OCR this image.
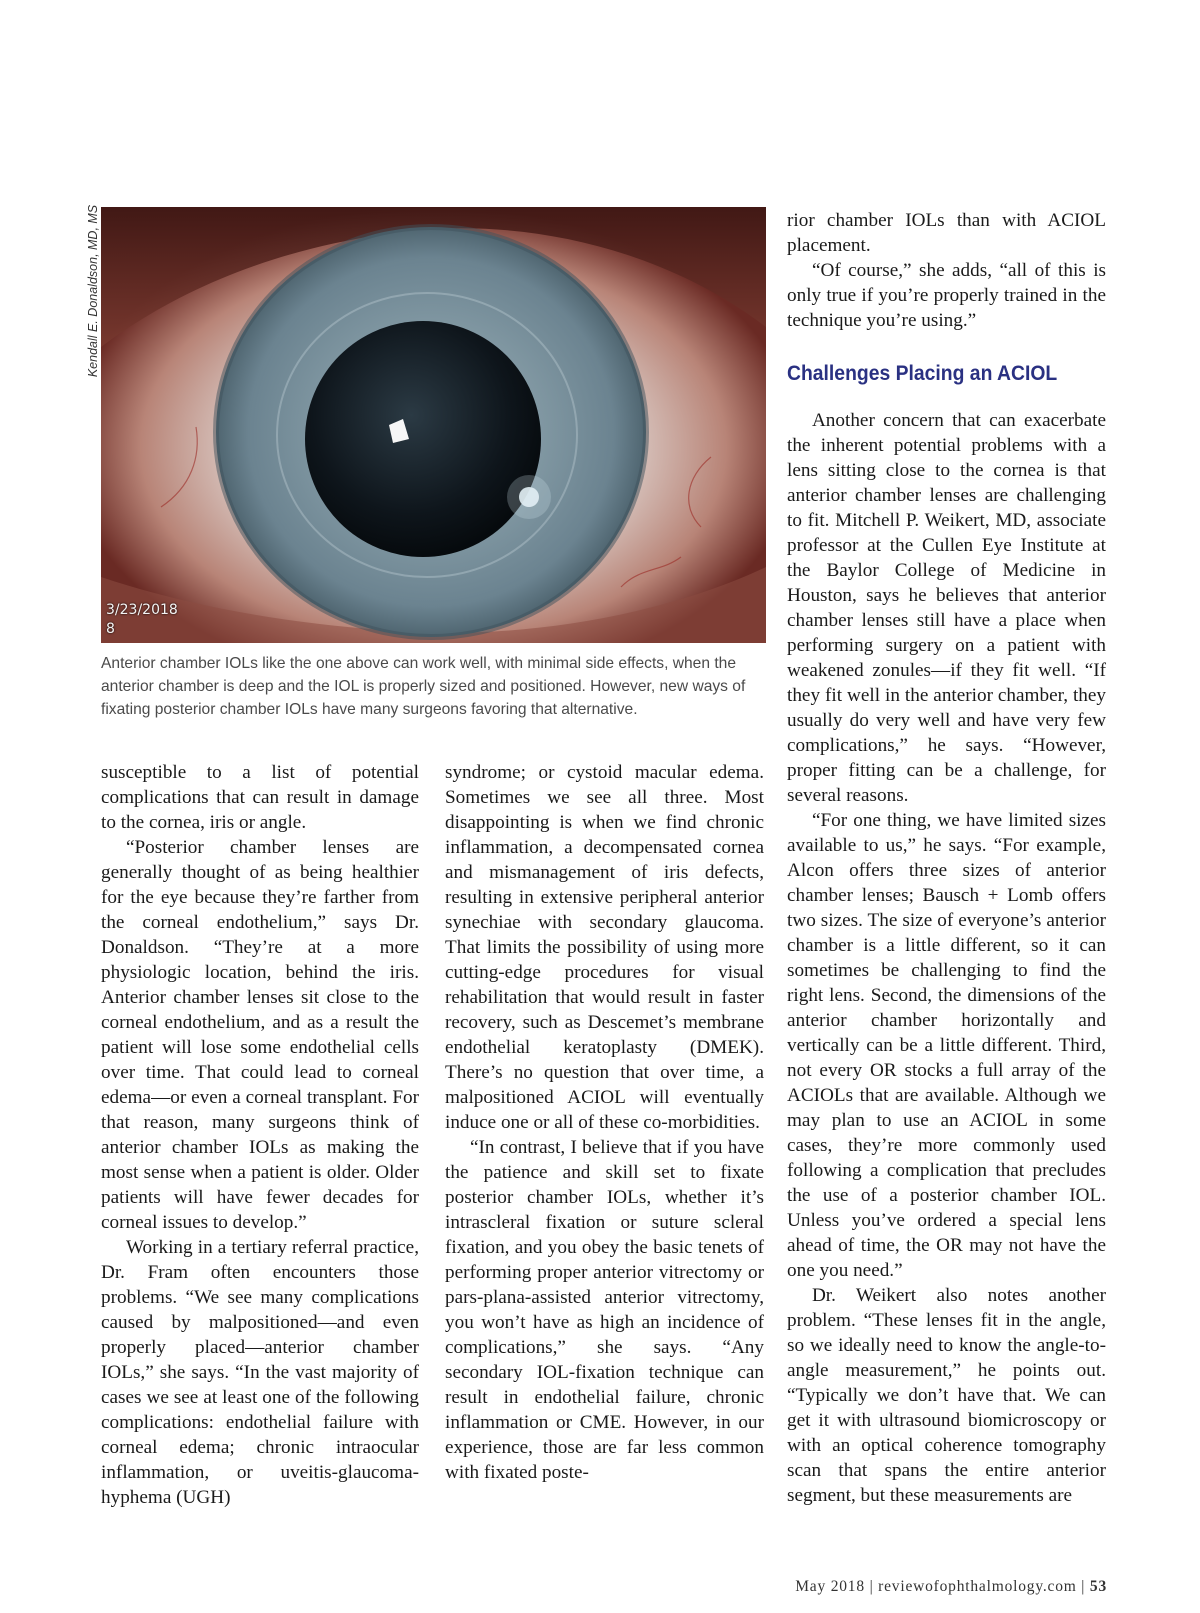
Kendall E. Donaldson, MD, MS
3/23/2018
8

Anterior chamber IOLs like the one above can work well, with minimal side effects, when the anterior chamber is deep and the IOL is properly sized and positioned. However, new ways of fixating posterior chamber IOLs have many surgeons favoring that alternative.

susceptible to a list of potential complications that can result in damage to the cornea, iris or angle.

“Posterior chamber lenses are generally thought of as being healthier for the eye because they’re farther from the corneal endothelium,” says Dr. Donaldson. “They’re at a more physiologic location, behind the iris. Anterior chamber lenses sit close to the corneal endothelium, and as a result the patient will lose some endothelial cells over time. That could lead to corneal edema—or even a corneal transplant. For that reason, many surgeons think of anterior chamber IOLs as making the most sense when a patient is older. Older patients will have fewer decades for corneal issues to develop.”

Working in a tertiary referral practice, Dr. Fram often encounters those problems. “We see many complications caused by malpositioned—and even properly placed—anterior chamber IOLs,” she says. “In the vast majority of cases we see at least one of the following complications: endothelial failure with corneal edema; chronic intraocular inflammation, or uveitis-glaucoma-hyphema (UGH)

syndrome; or cystoid macular edema. Sometimes we see all three. Most disappointing is when we find chronic inflammation, a decompensated cornea and mismanagement of iris defects, resulting in extensive peripheral anterior synechiae with secondary glaucoma. That limits the possibility of using more cutting-edge procedures for visual rehabilitation that would result in faster recovery, such as Descemet’s membrane endothelial keratoplasty (DMEK). There’s no question that over time, a malpositioned ACIOL will eventually induce one or all of these co-morbidities.

“In contrast, I believe that if you have the patience and skill set to fixate posterior chamber IOLs, whether it’s intrascleral fixation or suture scleral fixation, and you obey the basic tenets of performing proper anterior vitrectomy or pars-plana-assisted anterior vitrectomy, you won’t have as high an incidence of complications,” she says. “Any secondary IOL-fixation technique can result in endothelial failure, chronic inflammation or CME. However, in our experience, those are far less common with fixated poste-

rior chamber IOLs than with ACIOL placement.

“Of course,” she adds, “all of this is only true if you’re properly trained in the technique you’re using.”

Challenges Placing an ACIOL

Another concern that can exacerbate the inherent potential problems with a lens sitting close to the cornea is that anterior chamber lenses are challenging to fit. Mitchell P. Weikert, MD, associate professor at the Cullen Eye Institute at the Baylor College of Medicine in Houston, says he believes that anterior chamber lenses still have a place when performing surgery on a patient with weakened zonules—if they fit well. “If they fit well in the anterior chamber, they usually do very well and have very few complications,” he says. “However, proper fitting can be a challenge, for several reasons.

“For one thing, we have limited sizes available to us,” he says. “For example, Alcon offers three sizes of anterior chamber lenses; Bausch + Lomb offers two sizes. The size of everyone’s anterior chamber is a little different, so it can sometimes be challenging to find the right lens. Second, the dimensions of the anterior chamber horizontally and vertically can be a little different. Third, not every OR stocks a full array of the ACIOLs that are available. Although we may plan to use an ACIOL in some cases, they’re more commonly used following a complication that precludes the use of a posterior chamber IOL. Unless you’ve ordered a special lens ahead of time, the OR may not have the one you need.”

Dr. Weikert also notes another problem. “These lenses fit in the angle, so we ideally need to know the angle-to-angle measurement,” he points out. “Typically we don’t have that. We can get it with ultrasound biomicroscopy or with an optical coherence tomography scan that spans the entire anterior segment, but these measurements are

May 2018 | reviewofophthalmology.com | 53
